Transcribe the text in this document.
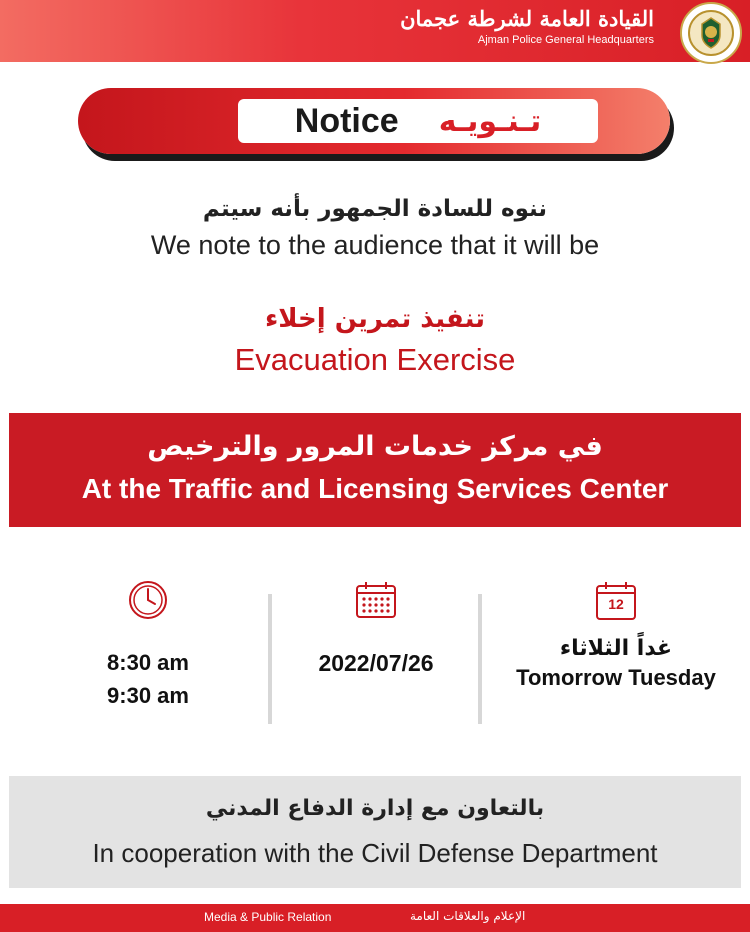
القيادة العامة لشرطة عجمان
Ajman Police General Headquarters
Notice تـنـويـه
ننوه للسادة الجمهور بأنه سيتم
We note to the audience that it will be
تنفيذ تمرين إخلاء
Evacuation Exercise
في مركز خدمات المرور والترخيص
At the Traffic and Licensing Services Center
8:30 am
9:30 am
2022/07/26
12
غداً الثلاثاء
Tomorrow Tuesday
بالتعاون مع إدارة الدفاع المدني
In cooperation with the Civil Defense Department
Media & Public Relation	الإعلام والعلاقات العامة
